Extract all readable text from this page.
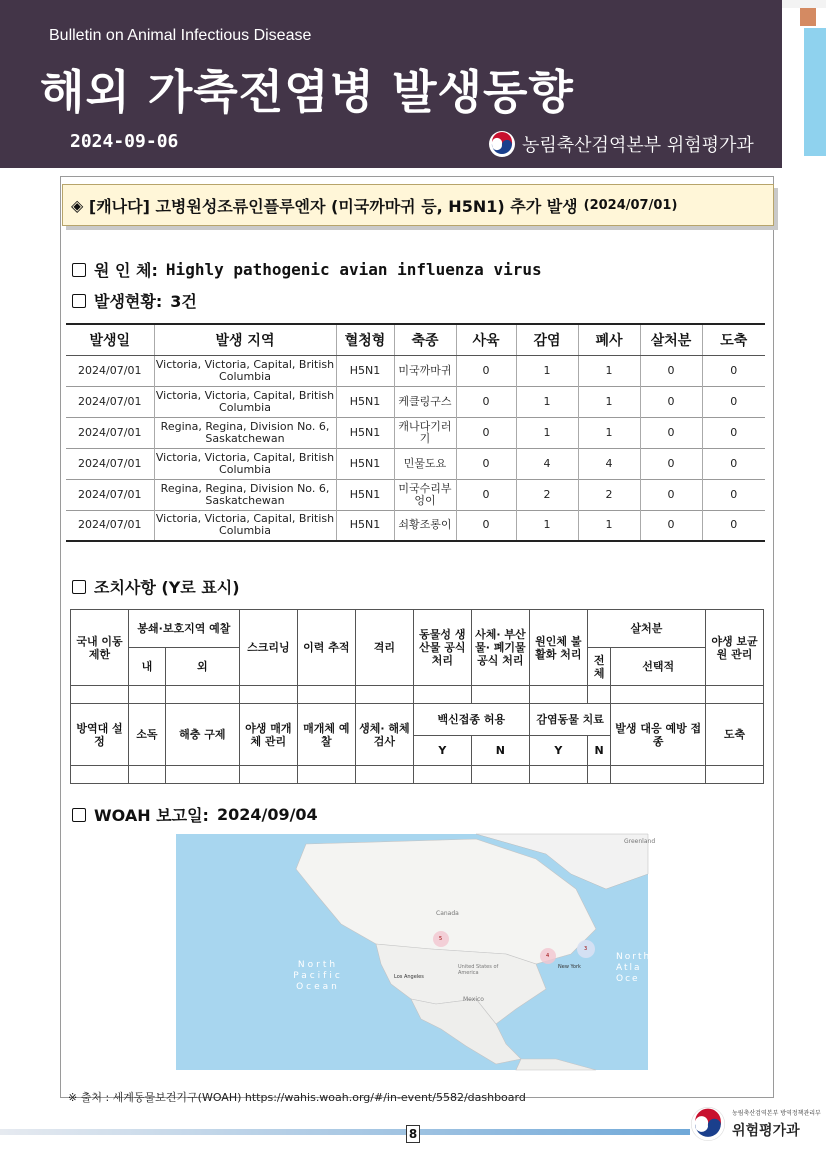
Bulletin on Animal Infectious Disease
해외 가축전염병 발생동향
2024-09-06	농림축산검역본부 위험평가과
◈
[캐나다] 고병원성조류인플루엔자 (미국까마귀 등, H5N1) 추가 발생 (2024/07/01)
원 인 체: Highly pathogenic avian influenza virus
발생현황: 3건
발생일	발생 지역	혈청형	축종	사육	감염	폐사	살처분	도축
2024/07/01	Victoria, Victoria, Capital, British Columbia	H5N1	미국까마귀	0	1	1	0	0
2024/07/01	Victoria, Victoria, Capital, British Columbia	H5N1	케클링구스	0	1	1	0	0
2024/07/01	Regina, Regina, Division No. 6, Saskatchewan	H5N1	캐나다기러기	0	1	1	0	0
2024/07/01	Victoria, Victoria, Capital, British Columbia	H5N1	민물도요	0	4	4	0	0
2024/07/01	Regina, Regina, Division No. 6, Saskatchewan	H5N1	미국수리부엉이	0	2	2	0	0
2024/07/01	Victoria, Victoria, Capital, British Columbia	H5N1	쇠황조롱이	0	1	1	0	0
조치사항 (Y로 표시)
국내 이동 제한	봉쇄·보호지역 예찰		스크리닝	이력 추적	격리	동물성 생산물 공식 처리	사체· 부산물· 폐기물 공식 처리	원인체 불활화 처리	살처분		야생 보균원 관리
	내	외							전체	선택적	

방역대 설정	소독	해충 구제	야생 매개체 관리	매개체 예찰	생체· 해체 검사	백신접종 허용		감염동물 치료		발생 대응 예방 접종	도축
						Y	N	Y	N		

WOAH 보고일: 2024/09/04
Greenland
Canada
United States of America
Mexico
North Pacific Ocean
North Atla Oce
Los Angeles
New York
5
4
3
※ 출처 : 세계동물보건기구(WOAH) https://wahis.woah.org/#/in-event/5582/dashboard
8
농림축산검역본부 방역정책관리부
위험평가과
